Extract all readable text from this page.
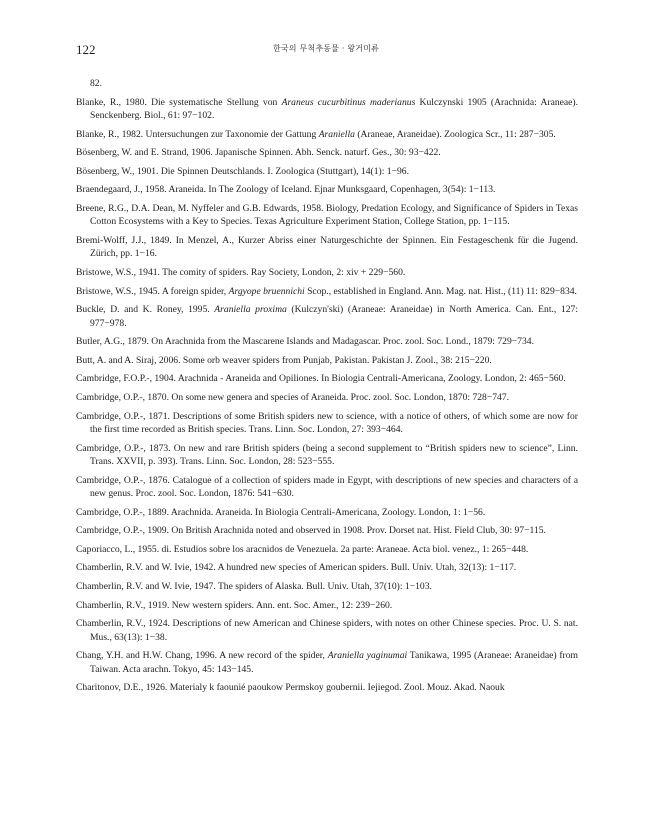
122	한국의 무척추동물 · 왕거미류

82.

Blanke, R., 1980. Die systematische Stellung von Araneus cucurbitinus maderianus Kulczynski 1905 (Arachnida: Araneae). Senckenberg. Biol., 61: 97−102.

Blanke, R., 1982. Untersuchungen zur Taxonomie der Gattung Araniella (Araneae, Araneidae). Zoologica Scr., 11: 287−305.

Bösenberg, W. and E. Strand, 1906. Japanische Spinnen. Abh. Senck. naturf. Ges., 30: 93−422.

Bösenberg, W., 1901. Die Spinnen Deutschlands. I. Zoologica (Stuttgart), 14(1): 1−96.

Braendegaard, J., 1958. Araneida. In The Zoology of Iceland. Ejnar Munksgaard, Copenhagen, 3(54): 1−113.

Breene, R.G., D.A. Dean, M. Nyffeler and G.B. Edwards, 1958. Biology, Predation Ecology, and Significance of Spiders in Texas Cotton Ecosystems with a Key to Species. Texas Agriculture Experiment Station, College Station, pp. 1−115.

Bremi-Wolff, J.J., 1849. In Menzel, A., Kurzer Abriss einer Naturgeschichte der Spinnen. Ein Festageschenk für die Jugend. Zürich, pp. 1−16.

Bristowe, W.S., 1941. The comity of spiders. Ray Society, London, 2: xiv + 229−560.

Bristowe, W.S., 1945. A foreign spider, Argyope bruennichi Scop., established in England. Ann. Mag. nat. Hist., (11) 11: 829−834.

Buckle, D. and K. Roney, 1995. Araniella proxima (Kulczyn'ski) (Araneae: Araneidae) in North America. Can. Ent., 127: 977−978.

Butler, A.G., 1879. On Arachnida from the Mascarene Islands and Madagascar. Proc. zool. Soc. Lond., 1879: 729−734.

Butt, A. and A. Siraj, 2006. Some orb weaver spiders from Punjab, Pakistan. Pakistan J. Zool., 38: 215−220.

Cambridge, F.O.P.-, 1904. Arachnida - Araneida and Opiliones. In Biologia Centrali-Americana, Zoology. London, 2: 465−560.

Cambridge, O.P.-, 1870. On some new genera and species of Araneida. Proc. zool. Soc. London, 1870: 728−747.

Cambridge, O.P.-, 1871. Descriptions of some British spiders new to science, with a notice of others, of which some are now for the first time recorded as British species. Trans. Linn. Soc. London, 27: 393−464.

Cambridge, O.P.-, 1873. On new and rare British spiders (being a second supplement to “British spiders new to science”, Linn. Trans. XXVII, p. 393). Trans. Linn. Soc. London, 28: 523−555.

Cambridge, O.P.-, 1876. Catalogue of a collection of spiders made in Egypt, with descriptions of new species and characters of a new genus. Proc. zool. Soc. London, 1876: 541−630.

Cambridge, O.P.-, 1889. Arachnida. Araneida. In Biologia Centrali-Americana, Zoology. London, 1: 1−56.

Cambridge, O.P.-, 1909. On British Arachnida noted and observed in 1908. Prov. Dorset nat. Hist. Field Club, 30: 97−115.

Caporiacco, L., 1955. di. Estudios sobre los aracnidos de Venezuela. 2a parte: Araneae. Acta biol. venez., 1: 265−448.

Chamberlin, R.V. and W. Ivie, 1942. A hundred new species of American spiders. Bull. Univ. Utah, 32(13): 1−117.

Chamberlin, R.V. and W. Ivie, 1947. The spiders of Alaska. Bull. Univ. Utah, 37(10): 1−103.

Chamberlin, R.V., 1919. New western spiders. Ann. ent. Soc. Amer., 12: 239−260.

Chamberlin, R.V., 1924. Descriptions of new American and Chinese spiders, with notes on other Chinese species. Proc. U. S. nat. Mus., 63(13): 1−38.

Chang, Y.H. and H.W. Chang, 1996. A new record of the spider, Araniella yaginumai Tanikawa, 1995 (Araneae: Araneidae) from Taiwan. Acta arachn. Tokyo, 45: 143−145.

Charitonov, D.E., 1926. Materialy k faounié paoukow Permskoy goubernii. Iejiegod. Zool. Mouz. Akad. Naouk
